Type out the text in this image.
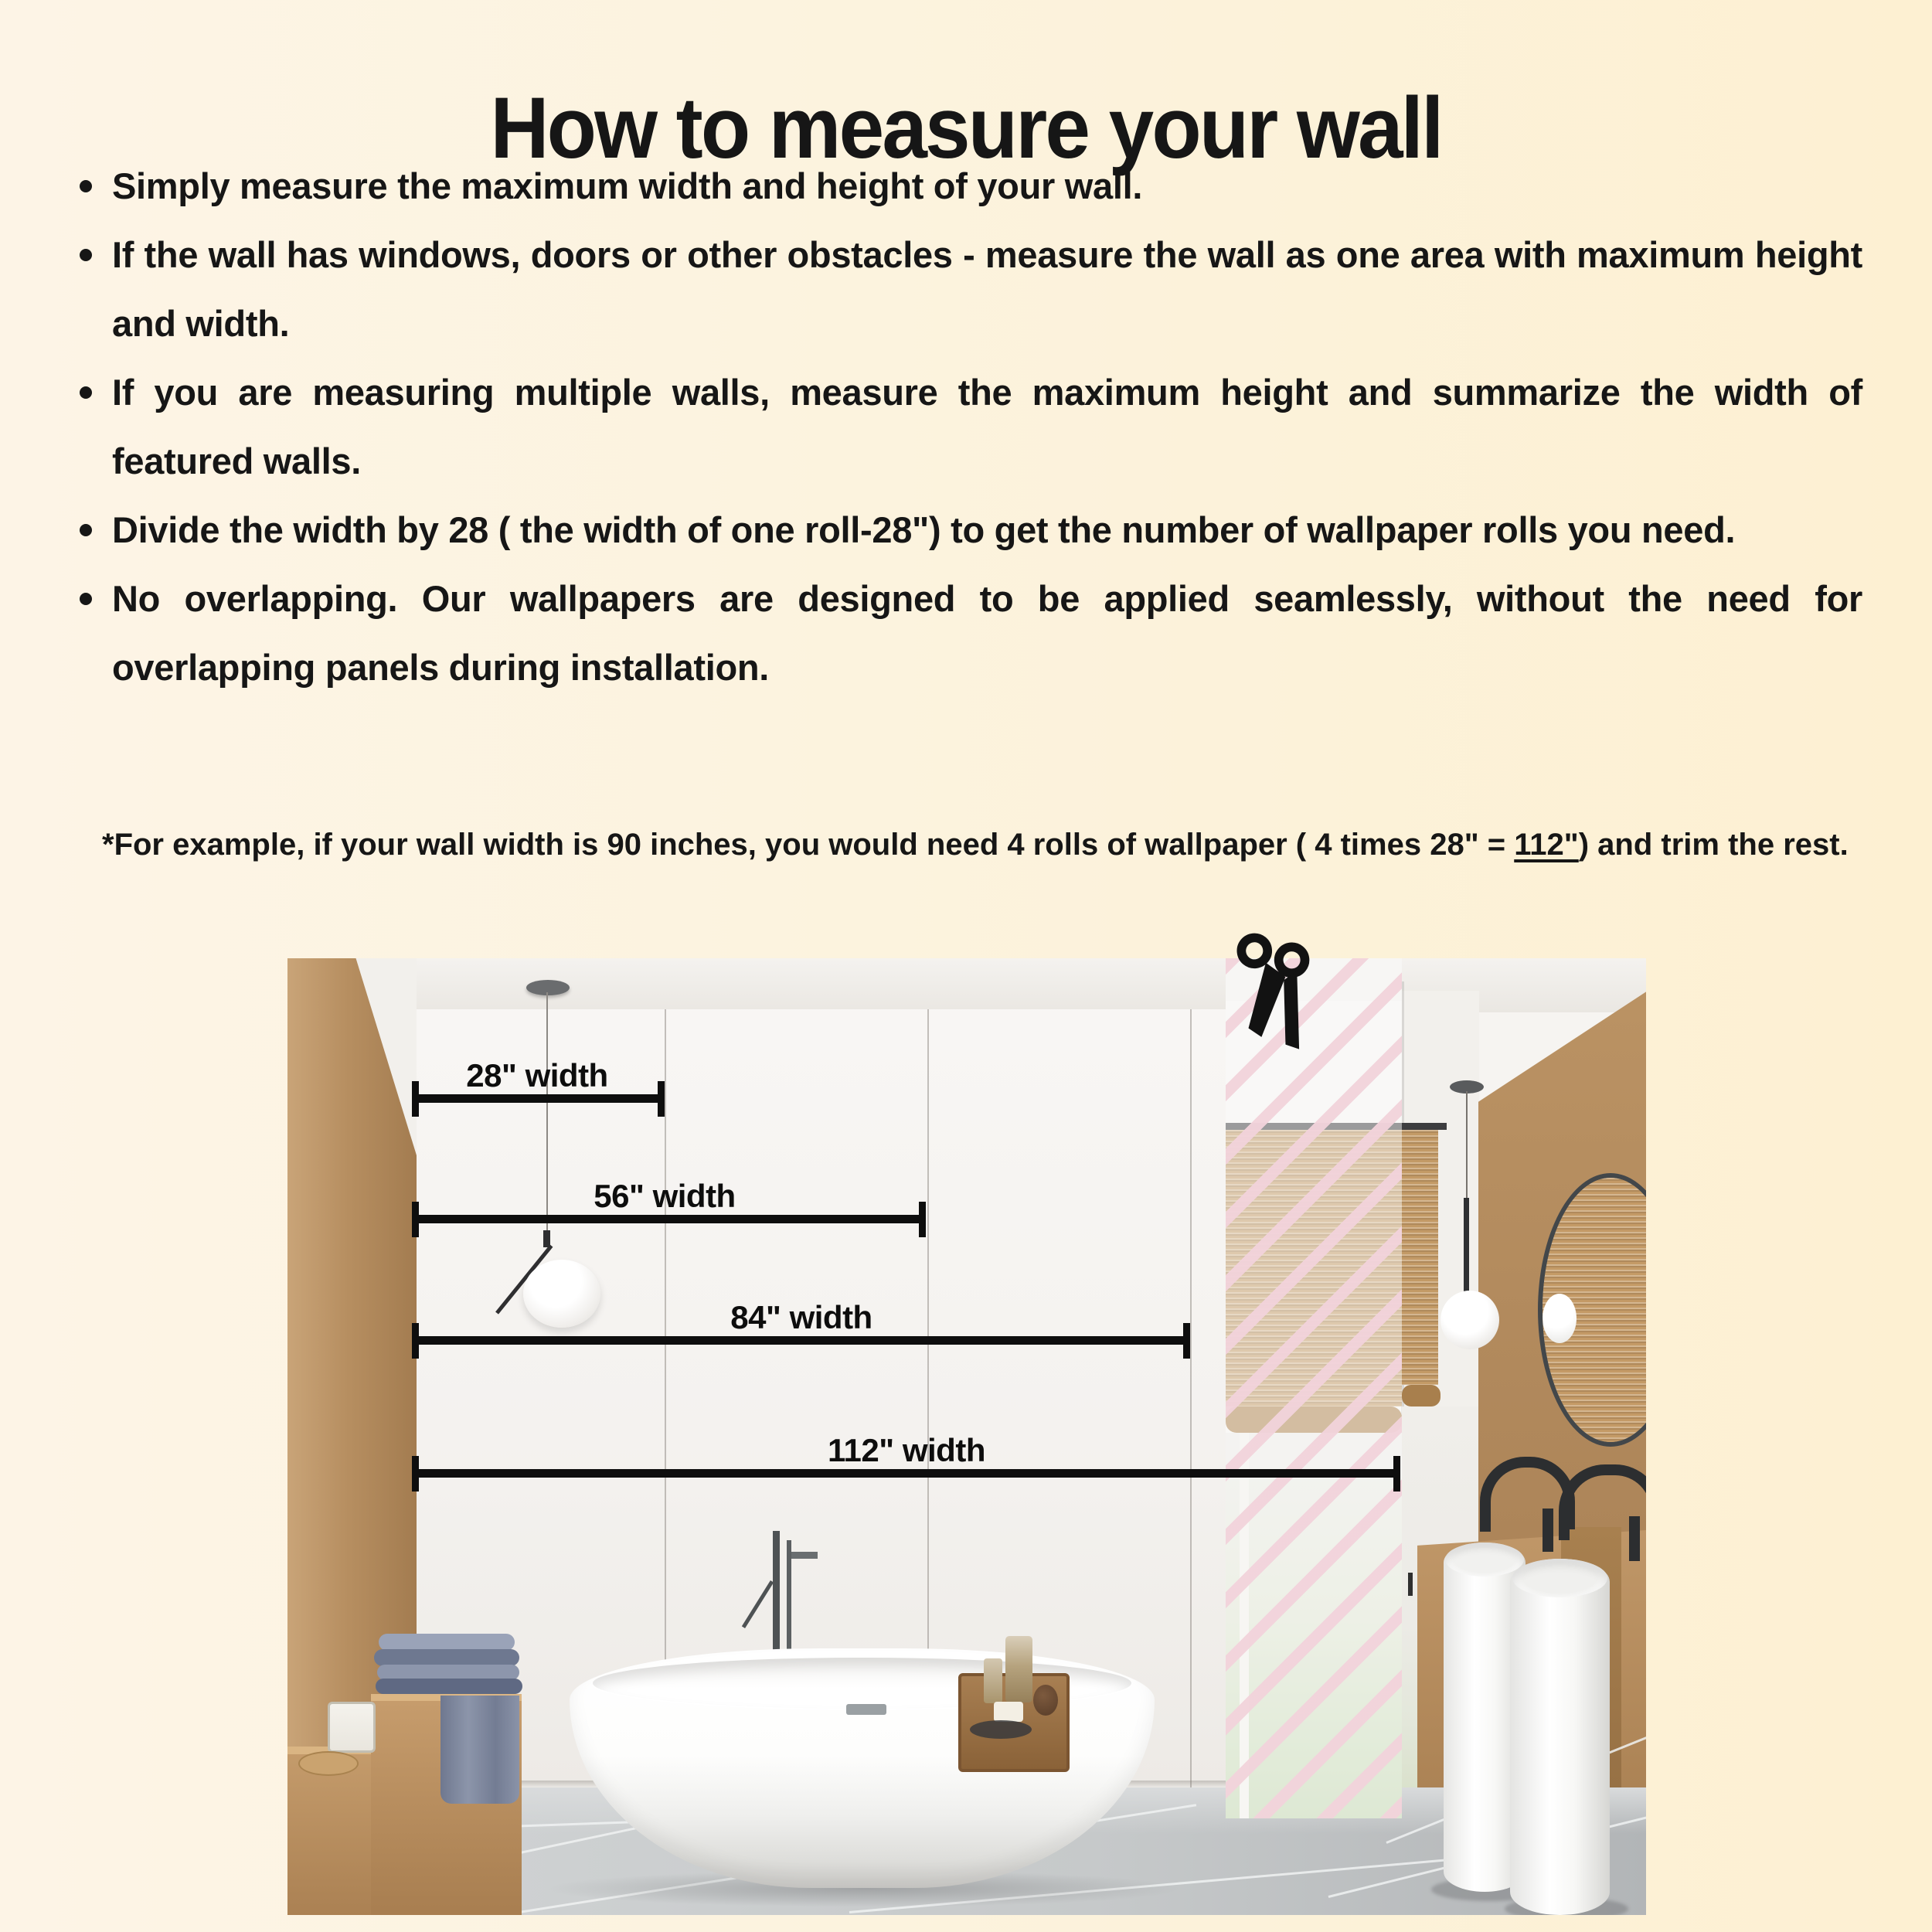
How to measure your wall
Simply measure the maximum width and height of your wall.
If the wall has windows, doors or other obstacles - measure the wall as one area with maximum height and width.
If you are measuring multiple walls, measure the maximum height and summarize the width of featured walls.
Divide the width by 28 ( the width of one roll-28") to get the number of wallpaper rolls you need.
No overlapping. Our wallpapers are designed to be applied seamlessly, without the need for overlapping panels during installation.

*For example, if your wall width is 90 inches, you would need 4 rolls of wallpaper ( 4 times 28" = 112") and trim the rest.

28" width
56" width
84" width
112" width
